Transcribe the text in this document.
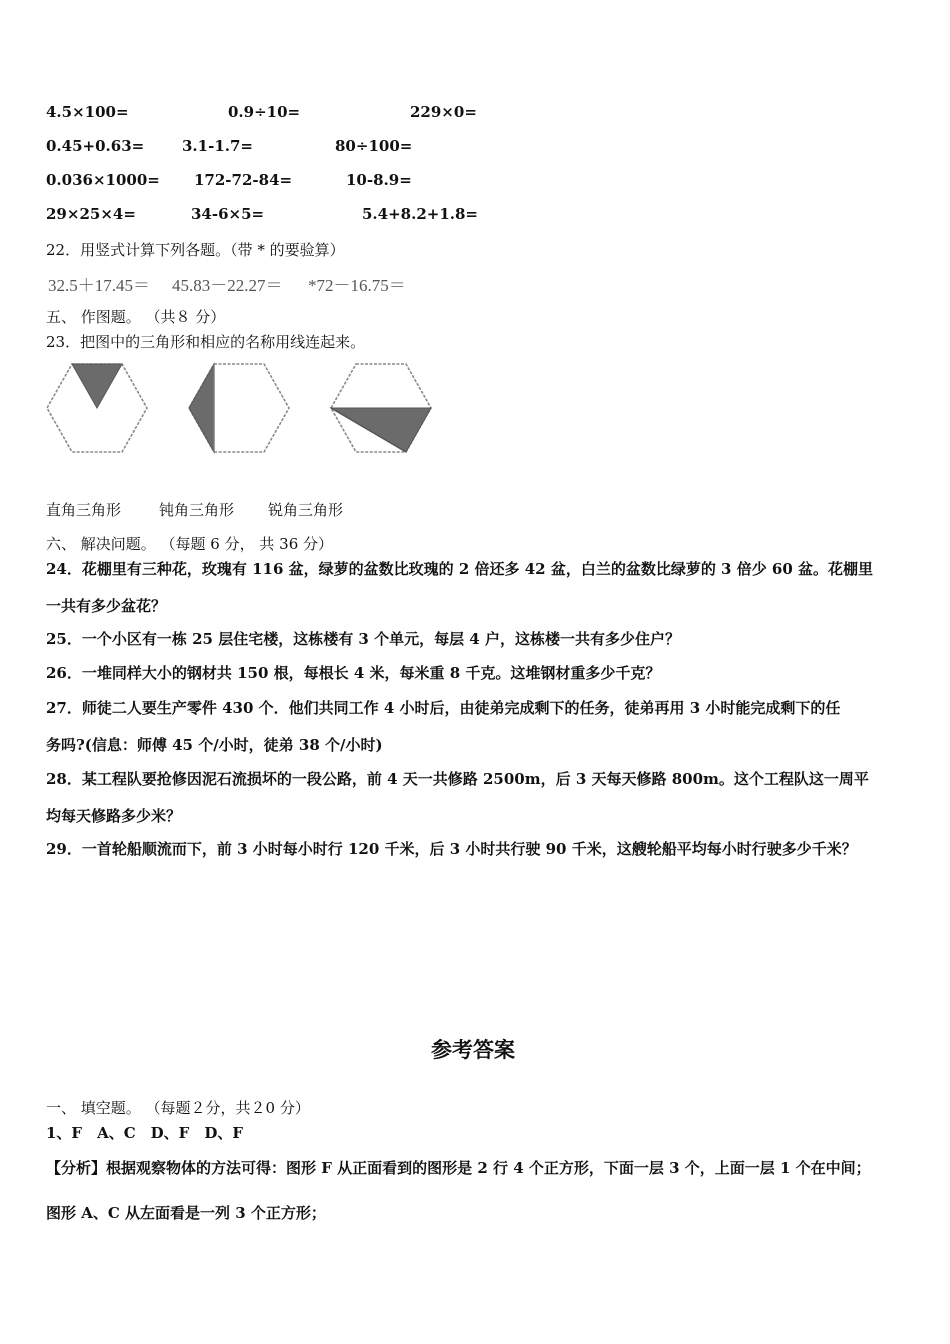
4.5×100=	0.9÷10=	229×0=
0.45+0.63=	3.1-1.7=	80÷100=
0.036×1000= 172-72-84=	10-8.9=
29×25×4=	34-6×5=	5.4+8.2+1.8=
22．用竖式计算下列各题。（带 * 的要验算）
32.5＋17.45＝ 45.83－22.27＝ *72－16.75＝
五、 作图题。 （共８ 分）
23．把图中的三角形和相应的名称用线连起来。
直角三角形	钝角三角形 锐角三角形
六、 解决问题。 （每题 6 分， 共 36 分）
24．花棚里有三种花，玫瑰有 116 盆，绿萝的盆数比玫瑰的 2 倍还多 42 盆，白兰的盆数比绿萝的 3 倍少 60 盆。花棚里
一共有多少盆花？
25．一个小区有一栋 25 层住宅楼，这栋楼有 3 个单元，每层 4 户，这栋楼一共有多少住户？
26．一堆同样大小的钢材共 150 根，每根长 4 米，每米重 8 千克。这堆钢材重多少千克？
27．师徒二人要生产零件 430 个．他们共同工作 4 小时后，由徒弟完成剩下的任务，徒弟再用 3 小时能完成剩下的任
务吗?(信息：师傅 45 个/小时，徒弟 38 个/小时)
28．某工程队要抢修因泥石流损坏的一段公路，前 4 天一共修路 2500m，后 3 天每天修路 800m。这个工程队这一周平
均每天修路多少米？
29．一首轮船顺流而下，前 3 小时每小时行 120 千米，后 3 小时共行驶 90 千米，这艘轮船平均每小时行驶多少千米？
参考答案
一、 填空题。 （每题２分，共２0 分）
1、F　A、C　D、F　D、F
【分析】根据观察物体的方法可得：图形 F 从正面看到的图形是 2 行 4 个正方形，下面一层 3 个，上面一层 1 个在中间；
图形 A、C 从左面看是一列 3 个正方形；
